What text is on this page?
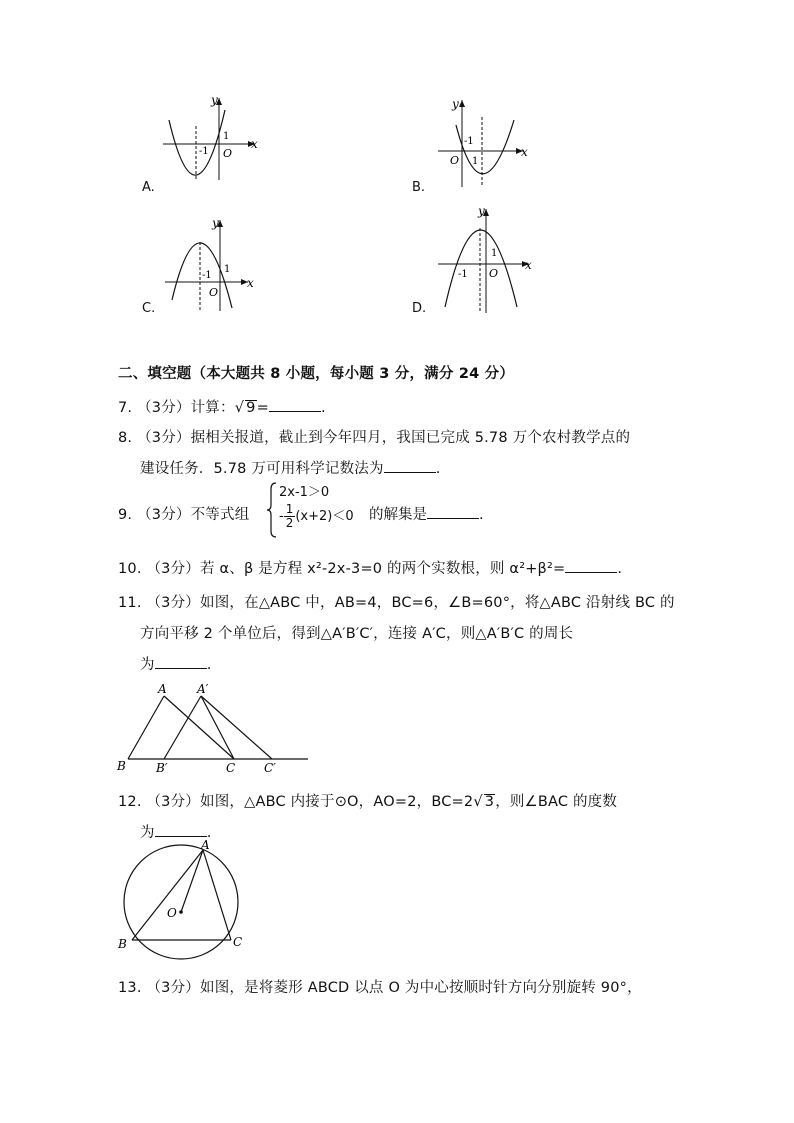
A.
x
y
O
-1
1
B.
x
y
O
-1
1
C.
x
y
O
-1
1
D.
x
y
O
-1
1
二、填空题（本大题共 8 小题，每小题 3 分，满分 24 分）
7. （3分）计算：√ 9=	.
8. （3分）据相关报道，截止到今年四月，我国已完成 5.78 万个农村教学点的
建设任务．5.78 万可用科学记数法为	.
9. （3分）不等式组
2x-1＞0
- $\frac{1}{2} (x+2)<0$ 的解集是	.
10. （3分）若 α、β 是方程 x²-2x-3=0 的两个实数根，则 α²+β²=	.
11. （3分）如图，在△ABC 中，AB=4，BC=6，∠B=60°，将△ABC 沿射线 BC 的
方向平移 2 个单位后，得到△A′B′C′，连接 A′C，则△A′B′C 的周长
为	.
A	A′
B	B′	C C′
12. （3分）如图，△ABC 内接于⊙O，AO=2，BC=2√ 3，则∠BAC 的度数
为	.
A
B	C
O
13. （3分）如图，是将菱形 ABCD 以点 O 为中心按顺时针方向分别旋转 90°，
